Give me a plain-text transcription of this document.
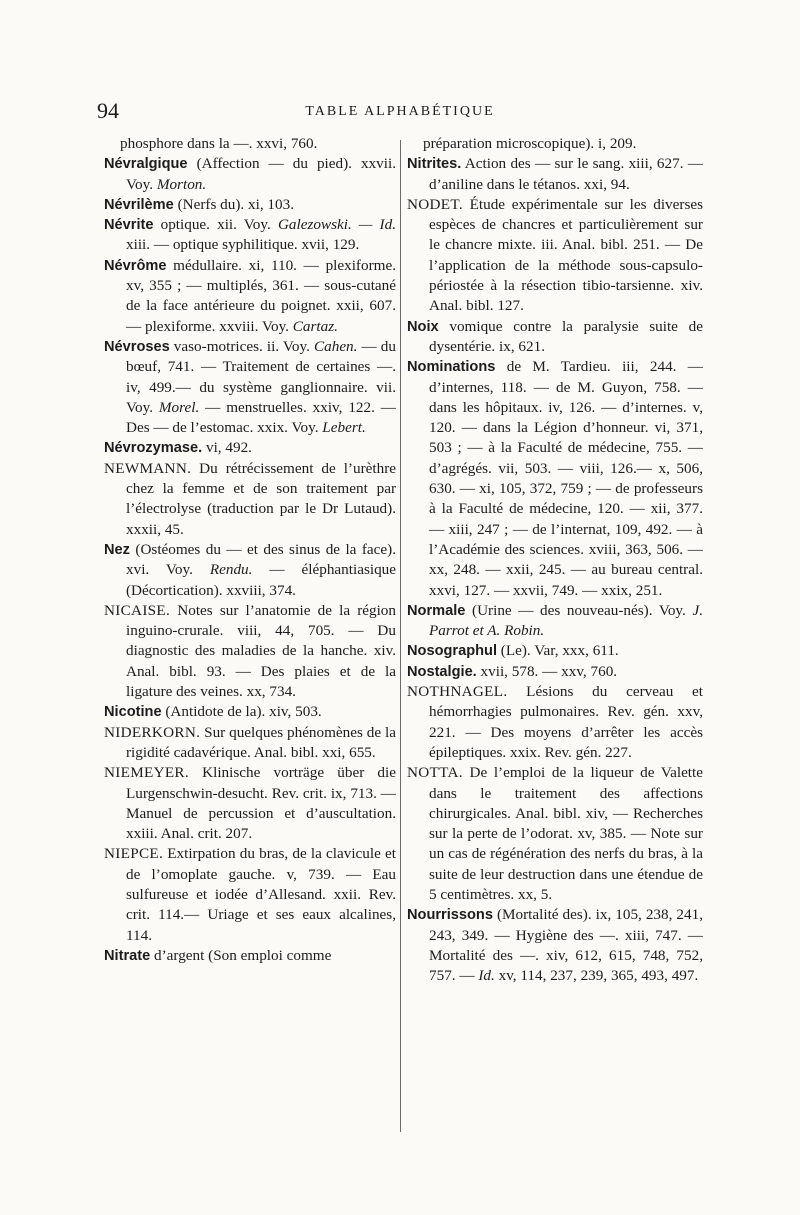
94	TABLE ALPHABÉTIQUE
phosphore dans la —. xxvi, 760.
Névralgique (Affection — du pied). xxvii. Voy. Morton.
Névrilème (Nerfs du). xi, 103.
Névrite optique. xii. Voy. Galezowski. — Id. xiii. — optique syphilitique. xvii, 129.
Névrôme médullaire. xi, 110. — plexiforme. xv, 355 ; — multiplés, 361. — sous-cutané de la face antérieure du poignet. xxii, 607. — plexiforme. xxviii. Voy. Cartaz.
Névroses vaso-motrices. ii. Voy. Cahen. — du bœuf, 741. — Traitement de certaines —. iv, 499.— du système ganglionnaire. vii. Voy. Morel. — menstruelles. xxiv, 122. — Des — de l’estomac. xxix. Voy. Lebert.
Névrozymase. vi, 492.
NEWMANN. Du rétrécissement de l’urèthre chez la femme et de son traitement par l’électrolyse (traduction par le Dr Lutaud). xxxii, 45.
Nez (Ostéomes du — et des sinus de la face). xvi. Voy. Rendu. — éléphantiasique (Décortication). xxviii, 374.
NICAISE. Notes sur l’anatomie de la région inguino-crurale. viii, 44, 705. — Du diagnostic des maladies de la hanche. xiv. Anal. bibl. 93. — Des plaies et de la ligature des veines. xx, 734.
Nicotine (Antidote de la). xiv, 503.
NIDERKORN. Sur quelques phénomènes de la rigidité cadavérique. Anal. bibl. xxi, 655.
NIEMEYER. Klinische vorträge über die Lurgenschwin-desucht. Rev. crit. ix, 713. — Manuel de percussion et d’auscultation. xxiii. Anal. crit. 207.
NIEPCE. Extirpation du bras, de la clavicule et de l’omoplate gauche. v, 739. — Eau sulfureuse et iodée d’Allesand. xxii. Rev. crit. 114.— Uriage et ses eaux alcalines, 114.
Nitrate d’argent (Son emploi comme
préparation microscopique). i, 209.
Nitrites. Action des — sur le sang. xiii, 627. — d’aniline dans le tétanos. xxi, 94.
NODET. Étude expérimentale sur les diverses espèces de chancres et particulièrement sur le chancre mixte. iii. Anal. bibl. 251. — De l’application de la méthode sous-capsulo-périostée à la résection tibio-tarsienne. xiv. Anal. bibl. 127.
Noix vomique contre la paralysie suite de dysentérie. ix, 621.
Nominations de M. Tardieu. iii, 244. — d’internes, 118. — de M. Guyon, 758. — dans les hôpitaux. iv, 126. — d’internes. v, 120. — dans la Légion d’honneur. vi, 371, 503 ; — à la Faculté de médecine, 755. — d’agrégés. vii, 503. — viii, 126.— x, 506, 630. — xi, 105, 372, 759 ; — de professeurs à la Faculté de médecine, 120. — xii, 377. — xiii, 247 ; — de l’internat, 109, 492. — à l’Académie des sciences. xviii, 363, 506. — xx, 248. — xxii, 245. — au bureau central. xxvi, 127. — xxvii, 749. — xxix, 251.
Normale (Urine — des nouveau-nés). Voy. J. Parrot et A. Robin.
Nosographul (Le). Var, xxx, 611.
Nostalgie. xvii, 578. — xxv, 760.
NOTHNAGEL. Lésions du cerveau et hémorrhagies pulmonaires. Rev. gén. xxv, 221. — Des moyens d’arrêter les accès épileptiques. xxix. Rev. gén. 227.
NOTTA. De l’emploi de la liqueur de Valette dans le traitement des affections chirurgicales. Anal. bibl. xiv, — Recherches sur la perte de l’odorat. xv, 385. — Note sur un cas de régénération des nerfs du bras, à la suite de leur destruction dans une étendue de 5 centimètres. xx, 5.
Nourrissons (Mortalité des). ix, 105, 238, 241, 243, 349. — Hygiène des —. xiii, 747. — Mortalité des —. xiv, 612, 615, 748, 752, 757. — Id. xv, 114, 237, 239, 365, 493, 497.
